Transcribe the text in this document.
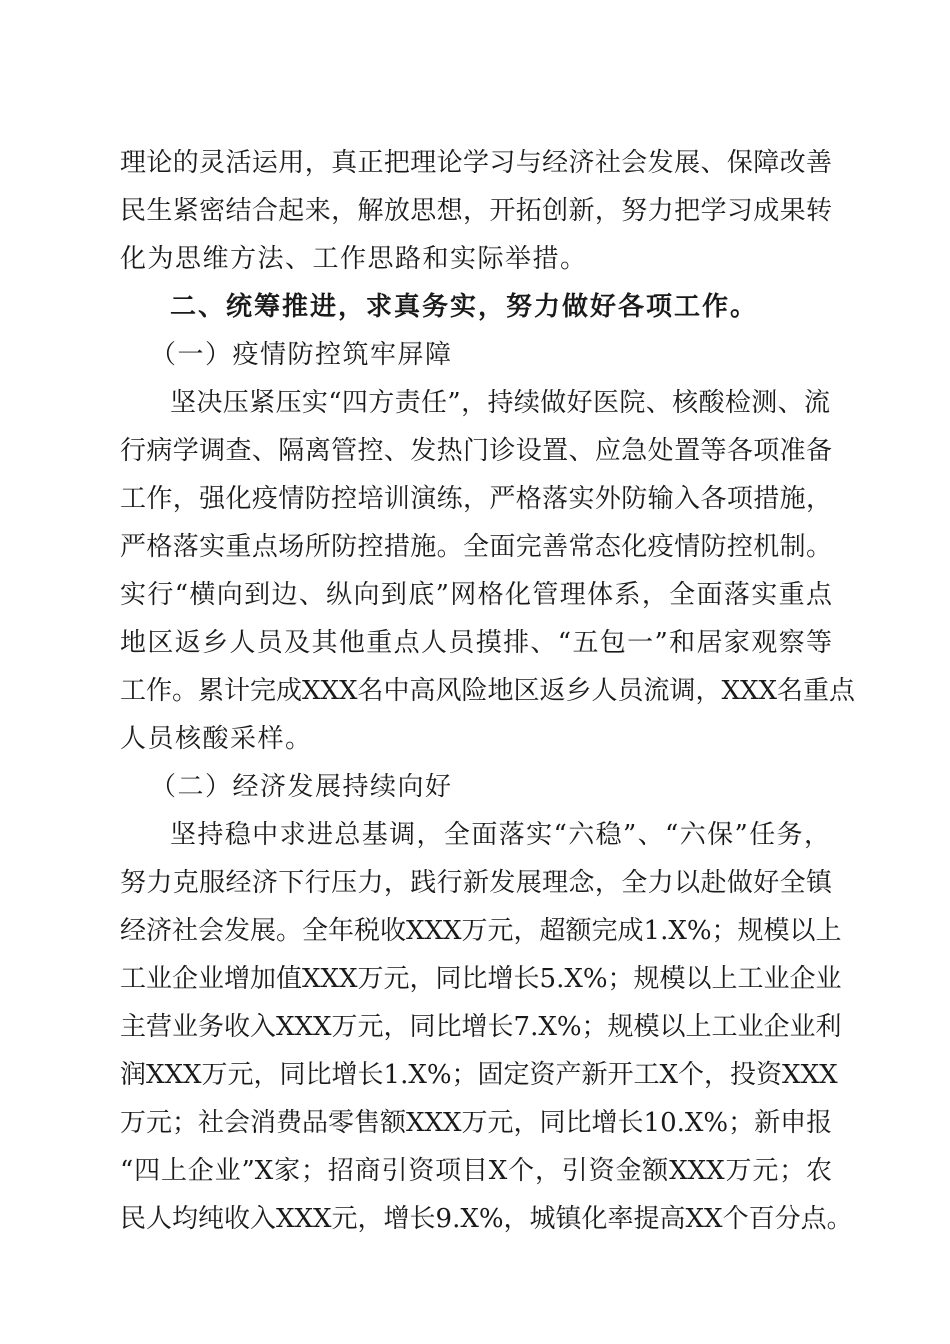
理论的灵活运用，真正把理论学习与经济社会发展、保障改善
民生紧密结合起来，解放思想，开拓创新，努力把学习成果转
化为思维方法、工作思路和实际举措。
二、统筹推进，求真务实，努力做好各项工作。
（一）疫情防控筑牢屏障
坚决压紧压实“四方责任”，持续做好医院、核酸检测、流
行病学调查、隔离管控、发热门诊设置、应急处置等各项准备
工作，强化疫情防控培训演练，严格落实外防输入各项措施，
严格落实重点场所防控措施。全面完善常态化疫情防控机制。
实行“横向到边、纵向到底”网格化管理体系，全面落实重点
地区返乡人员及其他重点人员摸排、“五包一”和居家观察等
工作。累计完成XXX名中高风险地区返乡人员流调，XXX名重点
人员核酸采样。
（二）经济发展持续向好
坚持稳中求进总基调，全面落实“六稳”、“六保”任务，
努力克服经济下行压力，践行新发展理念，全力以赴做好全镇
经济社会发展。全年税收XXX万元，超额完成1.X%；规模以上
工业企业增加值XXX万元，同比增长5.X%；规模以上工业企业
主营业务收入XXX万元，同比增长7.X%；规模以上工业企业利
润XXX万元，同比增长1.X%；固定资产新开工X个，投资XXX
万元；社会消费品零售额XXX万元，同比增长10.X%；新申报
“四上企业”X家；招商引资项目X个，引资金额XXX万元；农
民人均纯收入XXX元，增长9.X%，城镇化率提高XX个百分点。
